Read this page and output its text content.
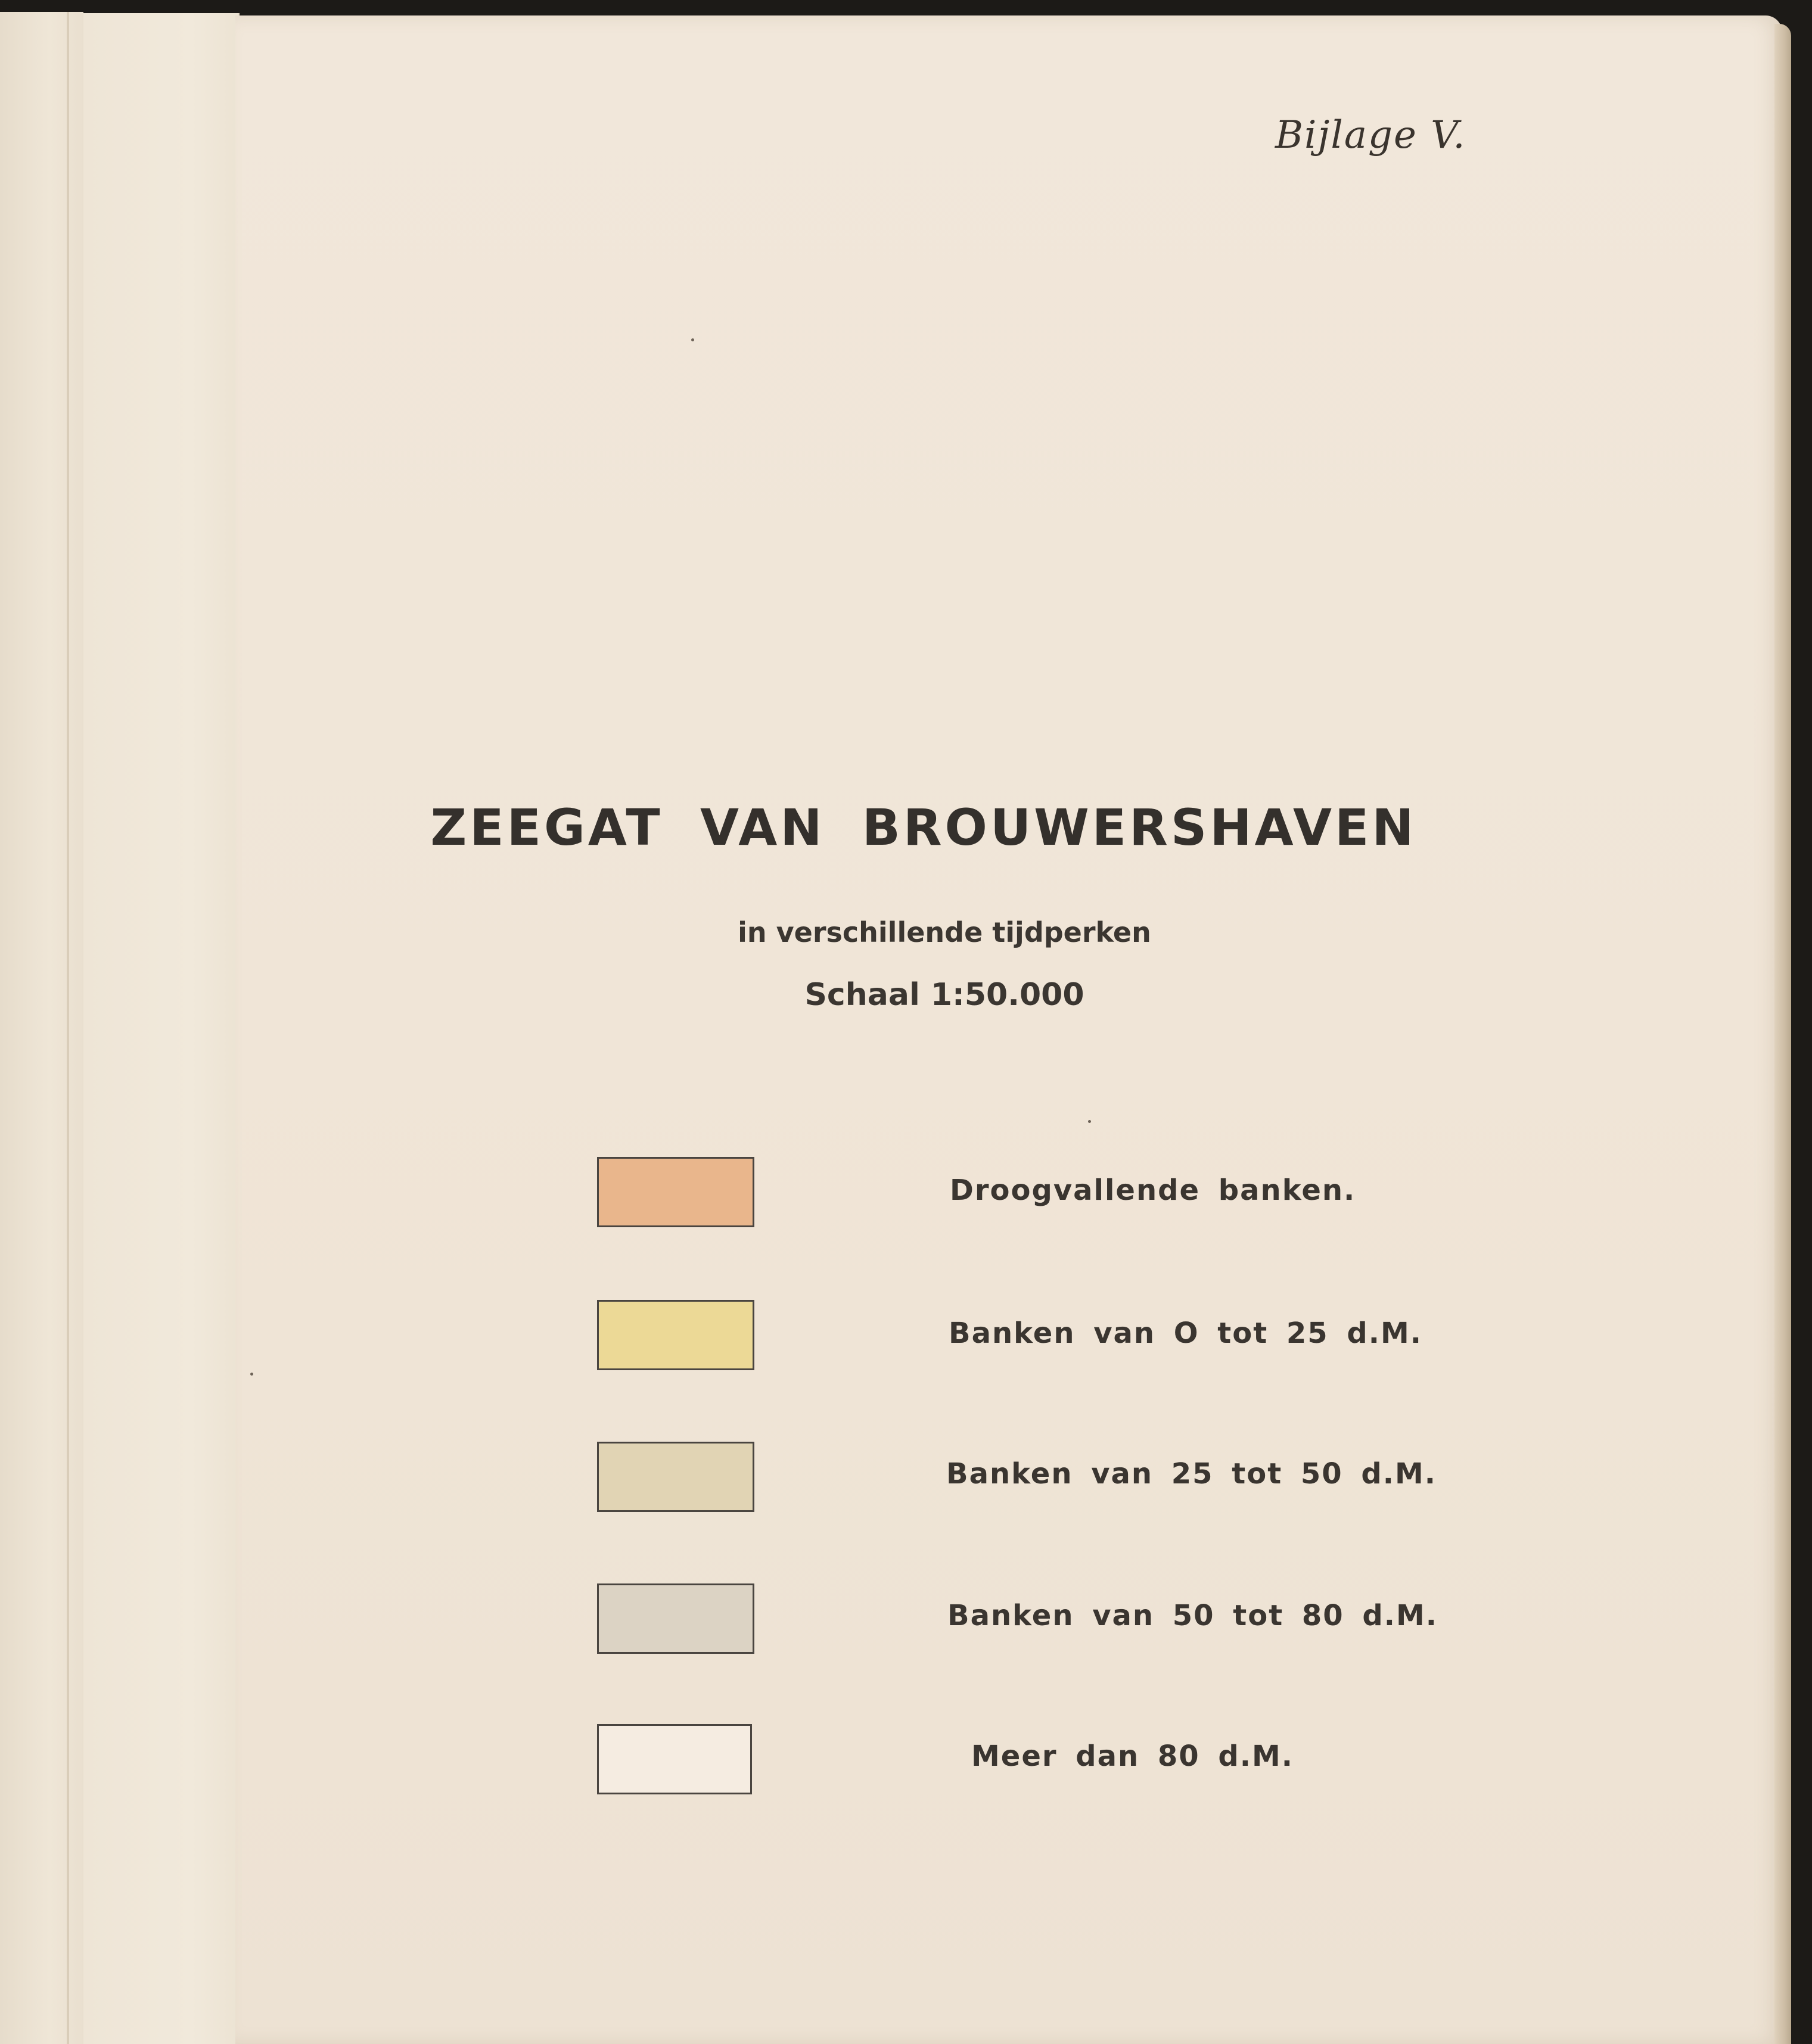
Bijlage V.
ZEEGAT VAN BROUWERSHAVEN
in verschillende tijdperken
Schaal 1:50.000
Droogvallende banken.
Banken van O tot 25 d.M.
Banken van 25 tot 50 d.M.
Banken van 50 tot 80 d.M.
Meer dan 80 d.M.
